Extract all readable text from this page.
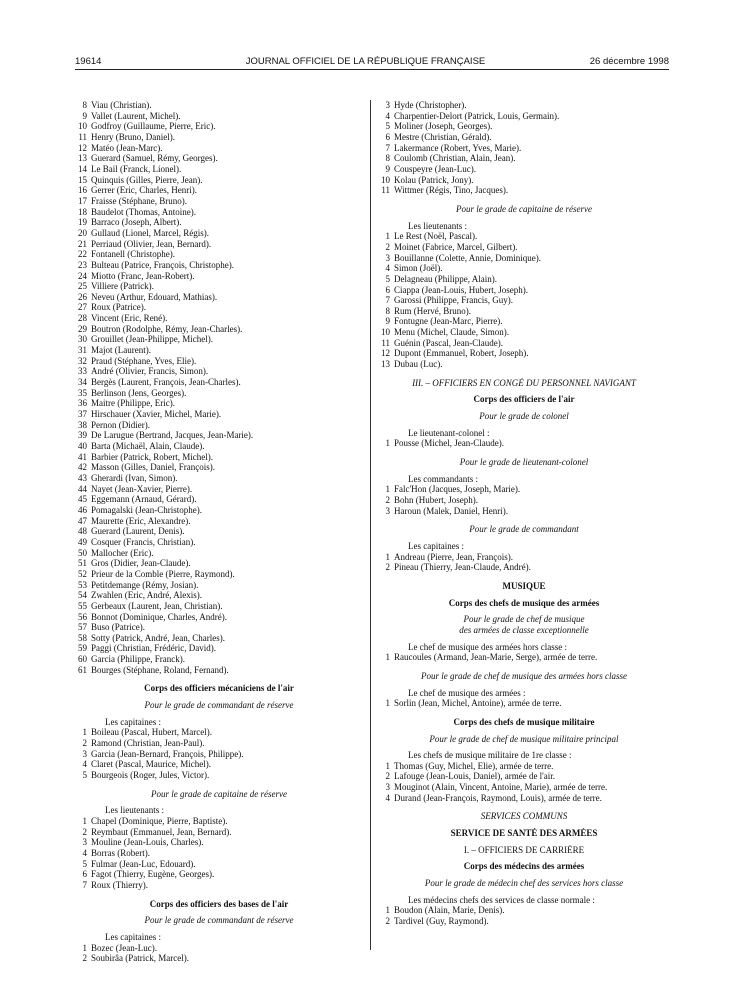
19614	JOURNAL OFFICIEL DE LA RÉPUBLIQUE FRANÇAISE	26 décembre 1998
8 Viau (Christian).
9 Vallet (Laurent, Michel).
10 Godfroy (Guillaume, Pierre, Eric).
11 Henry (Bruno, Daniel).
12 Matéo (Jean-Marc).
13 Guerard (Samuel, Rémy, Georges).
14 Le Bail (Franck, Lionel).
15 Quinquis (Gilles, Pierre, Jean).
16 Gerrer (Eric, Charles, Henri).
17 Fraisse (Stéphane, Bruno).
18 Baudelot (Thomas, Antoine).
19 Barraco (Joseph, Albert).
20 Gullaud (Lionel, Marcel, Régis).
21 Perriaud (Olivier, Jean, Bernard).
22 Fontanell (Christophe).
23 Bulteau (Patrice, François, Christophe).
24 Miotto (Franc, Jean-Robert).
25 Villiere (Patrick).
26 Neveu (Arthur, Edouard, Mathias).
27 Roux (Patrice).
28 Vincent (Eric, René).
29 Boutron (Rodolphe, Rémy, Jean-Charles).
30 Grouillet (Jean-Philippe, Michel).
31 Majot (Laurent).
32 Praud (Stéphane, Yves, Elie).
33 André (Olivier, Francis, Simon).
34 Bergès (Laurent, François, Jean-Charles).
35 Berlinson (Jens, Georges).
36 Maitre (Philippe, Eric).
37 Hirschauer (Xavier, Michel, Marie).
38 Pernon (Didier).
39 De Larugue (Bertrand, Jacques, Jean-Marie).
40 Barta (Michaël, Alain, Claude).
41 Barbier (Patrick, Robert, Michel).
42 Masson (Gilles, Daniel, François).
43 Gherardi (Ivan, Simon).
44 Nayet (Jean-Xavier, Pierre).
45 Eggemann (Arnaud, Gérard).
46 Pomagalski (Jean-Christophe).
47 Maurette (Eric, Alexandre).
48 Guerard (Laurent, Denis).
49 Cosquer (Francis, Christian).
50 Mallocher (Eric).
51 Gros (Didier, Jean-Claude).
52 Prieur de la Comble (Pierre, Raymond).
53 Petitdemange (Rémy, Josian).
54 Zwahlen (Eric, André, Alexis).
55 Gerbeaux (Laurent, Jean, Christian).
56 Bonnot (Dominique, Charles, André).
57 Buso (Patrice).
58 Sotty (Patrick, André, Jean, Charles).
59 Paggi (Christian, Frédéric, David).
60 Garcia (Philippe, Franck).
61 Bourges (Stéphane, Roland, Fernand).
Corps des officiers mécaniciens de l'air
Pour le grade de commandant de réserve
Les capitaines :
1 Boileau (Pascal, Hubert, Marcel).
2 Ramond (Christian, Jean-Paul).
3 Garcia (Jean-Bernard, François, Philippe).
4 Claret (Pascal, Maurice, Michel).
5 Bourgeois (Roger, Jules, Victor).
Pour le grade de capitaine de réserve
Les lieutenants :
1 Chapel (Dominique, Pierre, Baptiste).
2 Reymbaut (Emmanuel, Jean, Bernard).
3 Mouline (Jean-Louis, Charles).
4 Borras (Robert).
5 Fulmar (Jean-Luc, Edouard).
6 Fagot (Thierry, Eugène, Georges).
7 Roux (Thierry).
Corps des officiers des bases de l'air
Pour le grade de commandant de réserve
Les capitaines :
1 Bozec (Jean-Luc).
2 Soubirâa (Patrick, Marcel).
3 Hyde (Christopher).
4 Charpentier-Delort (Patrick, Louis, Germain).
5 Moliner (Joseph, Georges).
6 Mestre (Christian, Gérald).
7 Lakermance (Robert, Yves, Marie).
8 Coulomb (Christian, Alain, Jean).
9 Couspeyre (Jean-Luc).
10 Kolau (Patrick, Jony).
11 Wittmer (Régis, Tino, Jacques).
Pour le grade de capitaine de réserve
Les lieutenants :
1 Le Rest (Noël, Pascal).
2 Moinet (Fabrice, Marcel, Gilbert).
3 Bouillanne (Colette, Annie, Dominique).
4 Simon (Joël).
5 Delagneau (Philippe, Alain).
6 Ciappa (Jean-Louis, Hubert, Joseph).
7 Garossi (Philippe, Francis, Guy).
8 Rum (Hervé, Bruno).
9 Fontugne (Jean-Marc, Pierre).
10 Menu (Michel, Claude, Simon).
11 Guénin (Pascal, Jean-Claude).
12 Dupont (Emmanuel, Robert, Joseph).
13 Dubau (Luc).
III. – OFFICIERS EN CONGÉ DU PERSONNEL NAVIGANT
Corps des officiers de l'air
Pour le grade de colonel
Le lieutenant-colonel :
1 Pousse (Michel, Jean-Claude).
Pour le grade de lieutenant-colonel
Les commandants :
1 Falc'Hon (Jacques, Joseph, Marie).
2 Bohn (Hubert, Joseph).
3 Haroun (Malek, Daniel, Henri).
Pour le grade de commandant
Les capitaines :
1 Andreau (Pierre, Jean, François).
2 Pineau (Thierry, Jean-Claude, André).
MUSIQUE
Corps des chefs de musique des armées
Pour le grade de chef de musique
des armées de classe exceptionnelle
Le chef de musique des armées hors classe :
1 Raucoules (Armand, Jean-Marie, Serge), armée de terre.
Pour le grade de chef de musique des armées hors classe
Le chef de musique des armées :
1 Sorlin (Jean, Michel, Antoine), armée de terre.
Corps des chefs de musique militaire
Pour le grade de chef de musique militaire principal
Les chefs de musique militaire de 1re classe :
1 Thomas (Guy, Michel, Elie), armée de terre.
2 Lafouge (Jean-Louis, Daniel), armée de l'air.
3 Mouginot (Alain, Vincent, Antoine, Marie), armée de terre.
4 Durand (Jean-François, Raymond, Louis), armée de terre.
SERVICES COMMUNS
SERVICE DE SANTÉ DES ARMÉES
I. – OFFICIERS DE CARRIÈRE
Corps des médecins des armées
Pour le grade de médecin chef des services hors classe
Les médecins chefs des services de classe normale :
1 Boudon (Alain, Marie, Denis).
2 Tardivel (Guy, Raymond).
